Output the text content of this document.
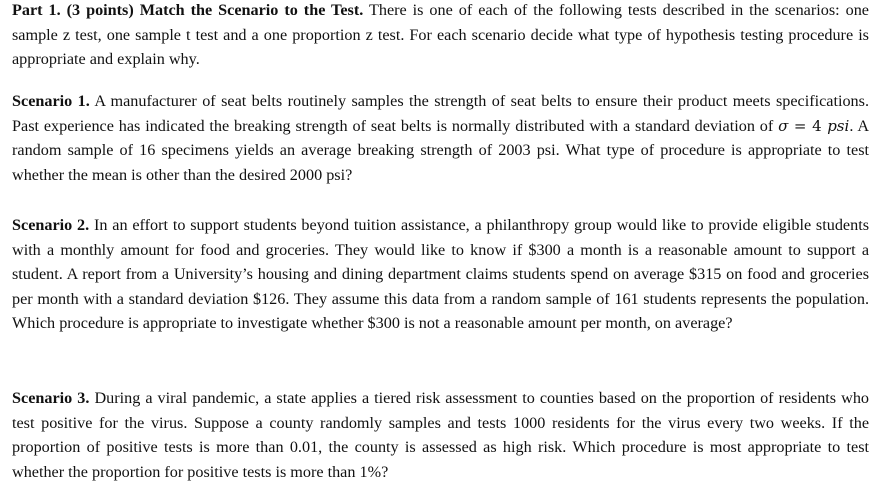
Part 1. (3 points) Match the Scenario to the Test. There is one of each of the following tests described in the scenarios: one sample z test, one sample t test and a one proportion z test. For each scenario decide what type of hypothesis testing procedure is appropriate and explain why.

Scenario 1. A manufacturer of seat belts routinely samples the strength of seat belts to ensure their product meets specifications. Past experience has indicated the breaking strength of seat belts is normally distributed with a standard deviation of σ = 4 psi. A random sample of 16 specimens yields an average breaking strength of 2003 psi. What type of procedure is appropriate to test whether the mean is other than the desired 2000 psi?

Scenario 2. In an effort to support students beyond tuition assistance, a philanthropy group would like to provide eligible students with a monthly amount for food and groceries. They would like to know if $300 a month is a reasonable amount to support a student. A report from a University’s housing and dining department claims students spend on average $315 on food and groceries per month with a standard deviation $126. They assume this data from a random sample of 161 students represents the population. Which procedure is appropriate to investigate whether $300 is not a reasonable amount per month, on average?

Scenario 3. During a viral pandemic, a state applies a tiered risk assessment to counties based on the proportion of residents who test positive for the virus. Suppose a county randomly samples and tests 1000 residents for the virus every two weeks. If the proportion of positive tests is more than 0.01, the county is assessed as high risk. Which procedure is most appropriate to test whether the proportion for positive tests is more than 1%?
